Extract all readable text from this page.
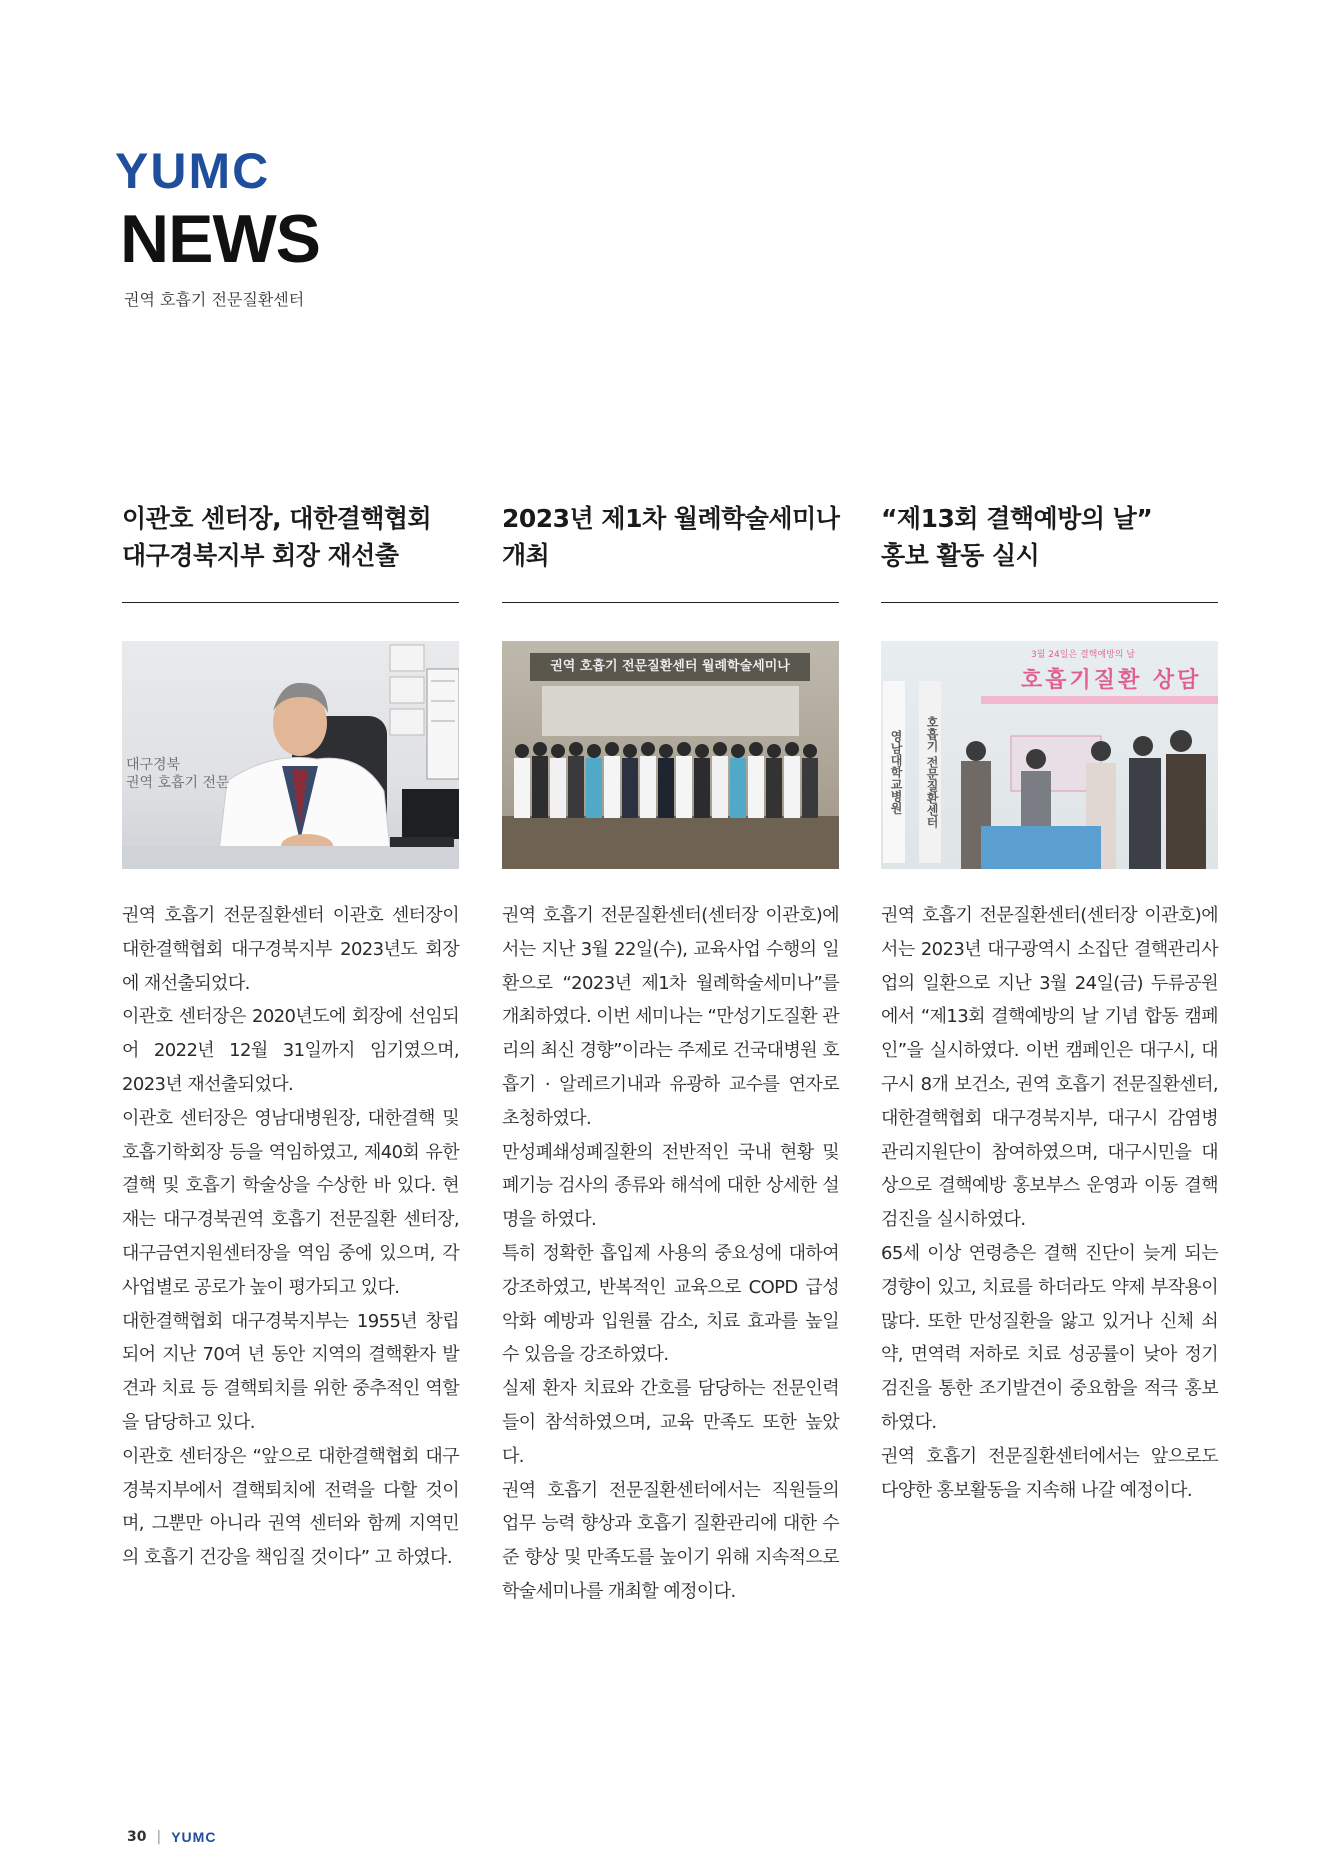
YUMC
NEWS
권역 호흡기 전문질환센터
이관호 센터장, 대한결핵협회
대구경북지부 회장 재선출
대구경북
권역 호흡기 전문

권역 호흡기 전문질환센터 이관호 센터장이 대한결핵협회 대구경북지부 2023년도 회장에 재선출되었다.

이관호 센터장은 2020년도에 회장에 선임되어 2022년 12월 31일까지 임기였으며, 2023년 재선출되었다.

이관호 센터장은 영남대병원장, 대한결핵 및 호흡기학회장 등을 역임하였고, 제40회 유한결핵 및 호흡기 학술상을 수상한 바 있다. 현재는 대구경북권역 호흡기 전문질환 센터장, 대구금연지원센터장을 역임 중에 있으며, 각 사업별로 공로가 높이 평가되고 있다.

대한결핵협회 대구경북지부는 1955년 창립되어 지난 70여 년 동안 지역의 결핵환자 발견과 치료 등 결핵퇴치를 위한 중추적인 역할을 담당하고 있다.

이관호 센터장은 “앞으로 대한결핵협회 대구경북지부에서 결핵퇴치에 전력을 다할 것이며, 그뿐만 아니라 권역 센터와 함께 지역민의 호흡기 건강을 책임질 것이다” 고 하였다.

2023년 제1차 월례학술세미나
개최
권역 호흡기 전문질환센터 월례학술세미나

권역 호흡기 전문질환센터(센터장 이관호)에서는 지난 3월 22일(수), 교육사업 수행의 일환으로 “2023년 제1차 월례학술세미나”를 개최하였다. 이번 세미나는 “만성기도질환 관리의 최신 경향”이라는 주제로 건국대병원 호흡기 · 알레르기내과 유광하 교수를 연자로 초청하였다.

만성폐쇄성폐질환의 전반적인 국내 현황 및 폐기능 검사의 종류와 해석에 대한 상세한 설명을 하였다.

특히 정확한 흡입제 사용의 중요성에 대하여 강조하였고, 반복적인 교육으로 COPD 급성 악화 예방과 입원률 감소, 치료 효과를 높일 수 있음을 강조하였다.

실제 환자 치료와 간호를 담당하는 전문인력들이 참석하였으며, 교육 만족도 또한 높았다.

권역 호흡기 전문질환센터에서는 직원들의 업무 능력 향상과 호흡기 질환관리에 대한 수준 향상 및 만족도를 높이기 위해 지속적으로 학술세미나를 개최할 예정이다.

“제13회 결핵예방의 날”
홍보 활동 실시
3월 24일은 결핵예방의 날
호흡기질환 상담
영남대학교병원	호흡기 전문질환센터

권역 호흡기 전문질환센터(센터장 이관호)에서는 2023년 대구광역시 소집단 결핵관리사업의 일환으로 지난 3월 24일(금) 두류공원에서 “제13회 결핵예방의 날 기념 합동 캠페인”을 실시하였다. 이번 캠페인은 대구시, 대구시 8개 보건소, 권역 호흡기 전문질환센터, 대한결핵협회 대구경북지부, 대구시 감염병관리지원단이 참여하였으며, 대구시민을 대상으로 결핵예방 홍보부스 운영과 이동 결핵검진을 실시하였다.

65세 이상 연령층은 결핵 진단이 늦게 되는 경향이 있고, 치료를 하더라도 약제 부작용이 많다. 또한 만성질환을 앓고 있거나 신체 쇠약, 면역력 저하로 치료 성공률이 낮아 정기검진을 통한 조기발견이 중요함을 적극 홍보하였다.

권역 호흡기 전문질환센터에서는 앞으로도 다양한 홍보활동을 지속해 나갈 예정이다.

30 | YUMC
